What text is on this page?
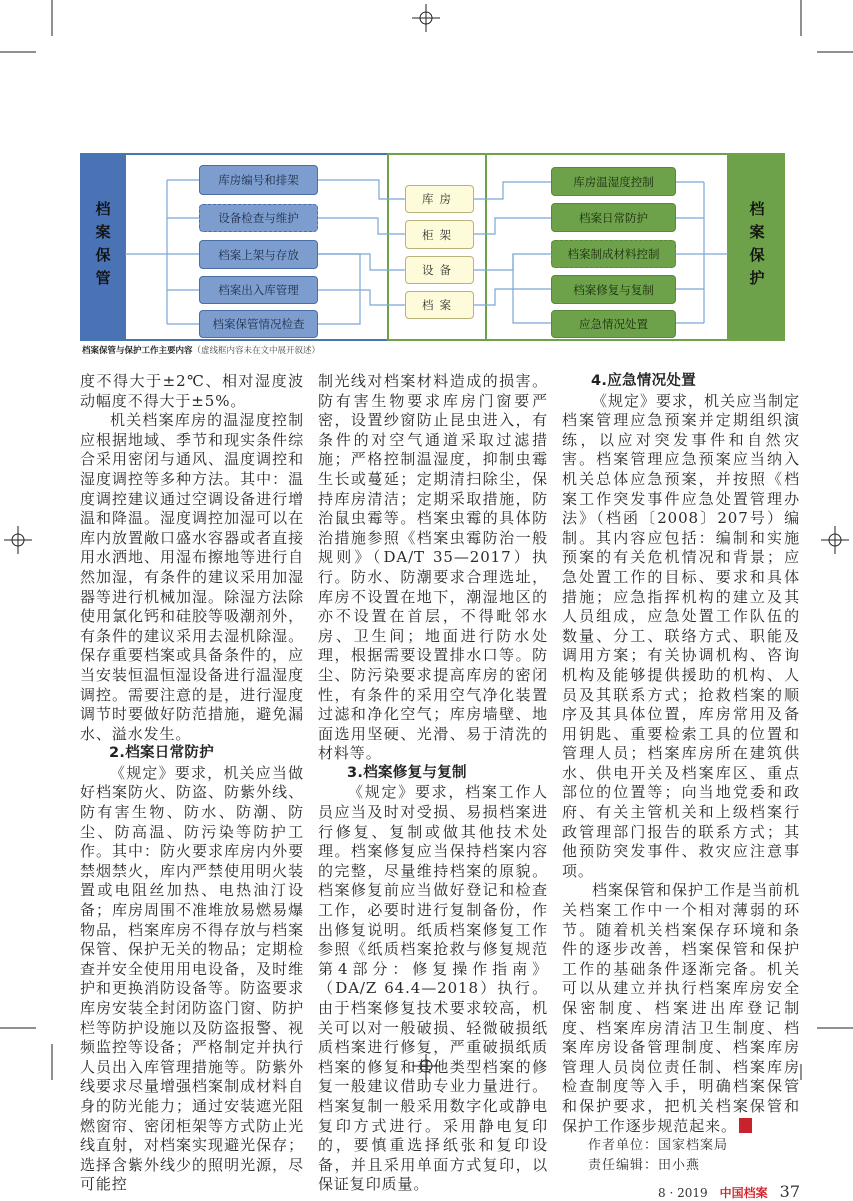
档案保管	档案保护
库房编号和排架
设备检查与维护
档案上架与存放
档案出入库管理
档案保管情况检查
库房
柜架
设备
档案
库房温湿度控制
档案日常防护
档案制成材料控制
档案修复与复制
应急情况处置
档案保管与保护工作主要内容（虚线框内容未在文中展开叙述）

度不得大于±2℃、相对湿度波动幅度不得大于±5%。

机关档案库房的温湿度控制应根据地域、季节和现实条件综合采用密闭与通风、温度调控和湿度调控等多种方法。其中：温度调控建议通过空调设备进行增温和降温。湿度调控加湿可以在库内放置敞口盛水容器或者直接用水洒地、用湿布擦地等进行自然加湿，有条件的建议采用加湿器等进行机械加湿。除湿方法除使用氯化钙和硅胶等吸潮剂外，有条件的建议采用去湿机除湿。保存重要档案或具备条件的，应当安装恒温恒湿设备进行温湿度调控。需要注意的是，进行湿度调节时要做好防范措施，避免漏水、溢水发生。

2.档案日常防护

《规定》要求，机关应当做好档案防火、防盗、防紫外线、防有害生物、防水、防潮、防尘、防高温、防污染等防护工作。其中：防火要求库房内外要禁烟禁火，库内严禁使用明火装置或电阻丝加热、电热油汀设备；库房周围不准堆放易燃易爆物品，档案库房不得存放与档案保管、保护无关的物品；定期检查并安全使用用电设备，及时维护和更换消防设备等。防盗要求库房安装全封闭防盗门窗、防护栏等防护设施以及防盗报警、视频监控等设备；严格制定并执行人员出入库管理措施等。防紫外线要求尽量增强档案制成材料自身的防光能力；通过安装遮光阻燃窗帘、密闭柜架等方式防止光线直射，对档案实现避光保存；选择含紫外线少的照明光源，尽可能控

制光线对档案材料造成的损害。防有害生物要求库房门窗要严密，设置纱窗防止昆虫进入，有条件的对空气通道采取过滤措施；严格控制温湿度，抑制虫霉生长或蔓延；定期清扫除尘，保持库房清洁；定期采取措施，防治鼠虫霉等。档案虫霉的具体防治措施参照《档案虫霉防治一般规则》（DA/T 35—2017）执行。防水、防潮要求合理选址，库房不设置在地下，潮湿地区的亦不设置在首层，不得毗邻水房、卫生间；地面进行防水处理，根据需要设置排水口等。防尘、防污染要求提高库房的密闭性，有条件的采用空气净化装置过滤和净化空气；库房墙壁、地面选用坚硬、光滑、易于清洗的材料等。

3.档案修复与复制

《规定》要求，档案工作人员应当及时对受损、易损档案进行修复、复制或做其他技术处理。档案修复应当保持档案内容的完整，尽量维持档案的原貌。档案修复前应当做好登记和检查工作，必要时进行复制备份，作出修复说明。纸质档案修复工作参照《纸质档案抢救与修复规范 第4部分：修复操作指南》（DA/Z 64.4—2018）执行。由于档案修复技术要求较高，机关可以对一般破损、轻微破损纸质档案进行修复，严重破损纸质档案的修复和其他类型档案的修复一般建议借助专业力量进行。档案复制一般采用数字化或静电复印方式进行。采用静电复印的，要慎重选择纸张和复印设备，并且采用单面方式复印，以保证复印质量。

4.应急情况处置

《规定》要求，机关应当制定档案管理应急预案并定期组织演练，以应对突发事件和自然灾害。档案管理应急预案应当纳入机关总体应急预案，并按照《档案工作突发事件应急处置管理办法》（档函〔2008〕207号）编制。其内容应包括：编制和实施预案的有关危机情况和背景；应急处置工作的目标、要求和具体措施；应急指挥机构的建立及其人员组成，应急处置工作队伍的数量、分工、联络方式、职能及调用方案；有关协调机构、咨询机构及能够提供援助的机构、人员及其联系方式；抢救档案的顺序及其具体位置，库房常用及备用钥匙、重要检索工具的位置和管理人员；档案库房所在建筑供水、供电开关及档案库区、重点部位的位置等；向当地党委和政府、有关主管机关和上级档案行政管理部门报告的联系方式；其他预防突发事件、救灾应注意事项。

档案保管和保护工作是当前机关档案工作中一个相对薄弱的环节。随着机关档案保存环境和条件的逐步改善，档案保管和保护工作的基础条件逐渐完备。机关可以从建立并执行档案库房安全保密制度、档案进出库登记制度、档案库房清洁卫生制度、档案库房设备管理制度、档案库房管理人员岗位责任制、档案库房检查制度等入手，明确档案保管和保护要求，把机关档案保管和保护工作逐步规范起来。

作者单位：国家档案局
责任编辑：田小燕
8 · 2019 中国档案 37
